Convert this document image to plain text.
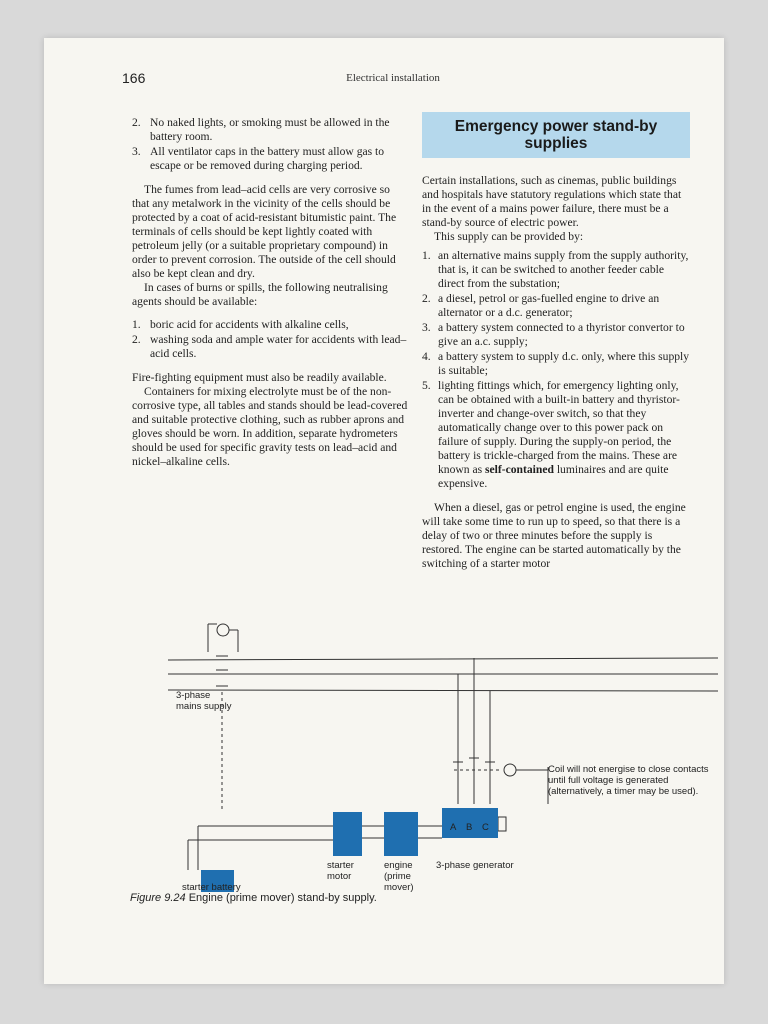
166	Electrical installation
2. No naked lights, or smoking must be allowed in the battery room.
3. All ventilator caps in the battery must allow gas to escape or be removed during charging period.

The fumes from lead–acid cells are very corrosive so that any metalwork in the vicinity of the cells should be protected by a coat of acid-resistant bitumistic paint. The terminals of cells should be kept lightly coated with petroleum jelly (or a suitable proprietary compound) in order to prevent corrosion. The outside of the cell should also be kept clean and dry.

In cases of burns or spills, the following neutralising agents should be available:

1. boric acid for accidents with alkaline cells,
2. washing soda and ample water for accidents with lead–acid cells.

Fire-fighting equipment must also be readily available.

Containers for mixing electrolyte must be of the non-corrosive type, all tables and stands should be lead-covered and suitable protective clothing, such as rubber aprons and gloves should be worn. In addition, separate hydrometers should be used for specific gravity tests on lead–acid and nickel–alkaline cells.

Emergency power stand-by supplies

Certain installations, such as cinemas, public buildings and hospitals have statutory regulations which state that in the event of a mains power failure, there must be a stand-by source of electric power.

This supply can be provided by:

1. an alternative mains supply from the supply authority, that is, it can be switched to another feeder cable direct from the substation;
2. a diesel, petrol or gas-fuelled engine to drive an alternator or a d.c. generator;
3. a battery system connected to a thyristor convertor to give an a.c. supply;
4. a battery system to supply d.c. only, where this supply is suitable;
5. lighting fittings which, for emergency lighting only, can be obtained with a built-in battery and thyristor-inverter and change-over switch, so that they automatically change over to this power pack on failure of supply. During the supply-on period, the battery is trickle-charged from the mains. These are known as self-contained luminaires and are quite expensive.

When a diesel, gas or petrol engine is used, the engine will take some time to run up to speed, so that there is a delay of two or three minutes before the supply is restored. The engine can be started automatically by the switching of a starter motor

3-phase mains supply
Coil will not energise to close contacts until full voltage is generated (alternatively, a timer may be used).
A B C
starter motor
engine (prime mover)
3-phase generator
starter battery
Figure 9.24 Engine (prime mover) stand-by supply.
